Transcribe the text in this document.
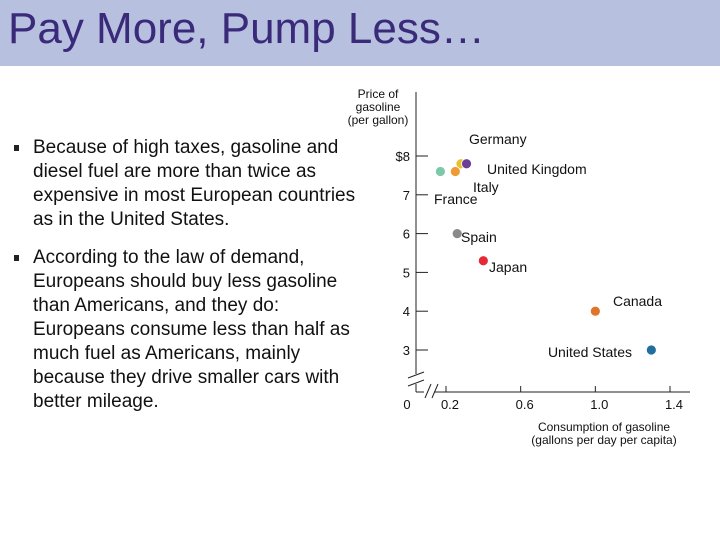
Pay More, Pump Less…
Because of high taxes, gasoline and diesel fuel are more than twice as expensive in most European countries as in the United States.
According to the law of demand, Europeans should buy less gasoline than Americans, and they do: Europeans consume less than half as much fuel as Americans, mainly because they drive smaller cars with better mileage.
Price of gasoline (per gallon)
$8
7
6
5
4
3
0.2	0.6	1.0	1.4
0
Consumption of gasoline (gallons per day per capita)
Germany
United Kingdom
Italy
France
Spain
Japan
Canada
United States
